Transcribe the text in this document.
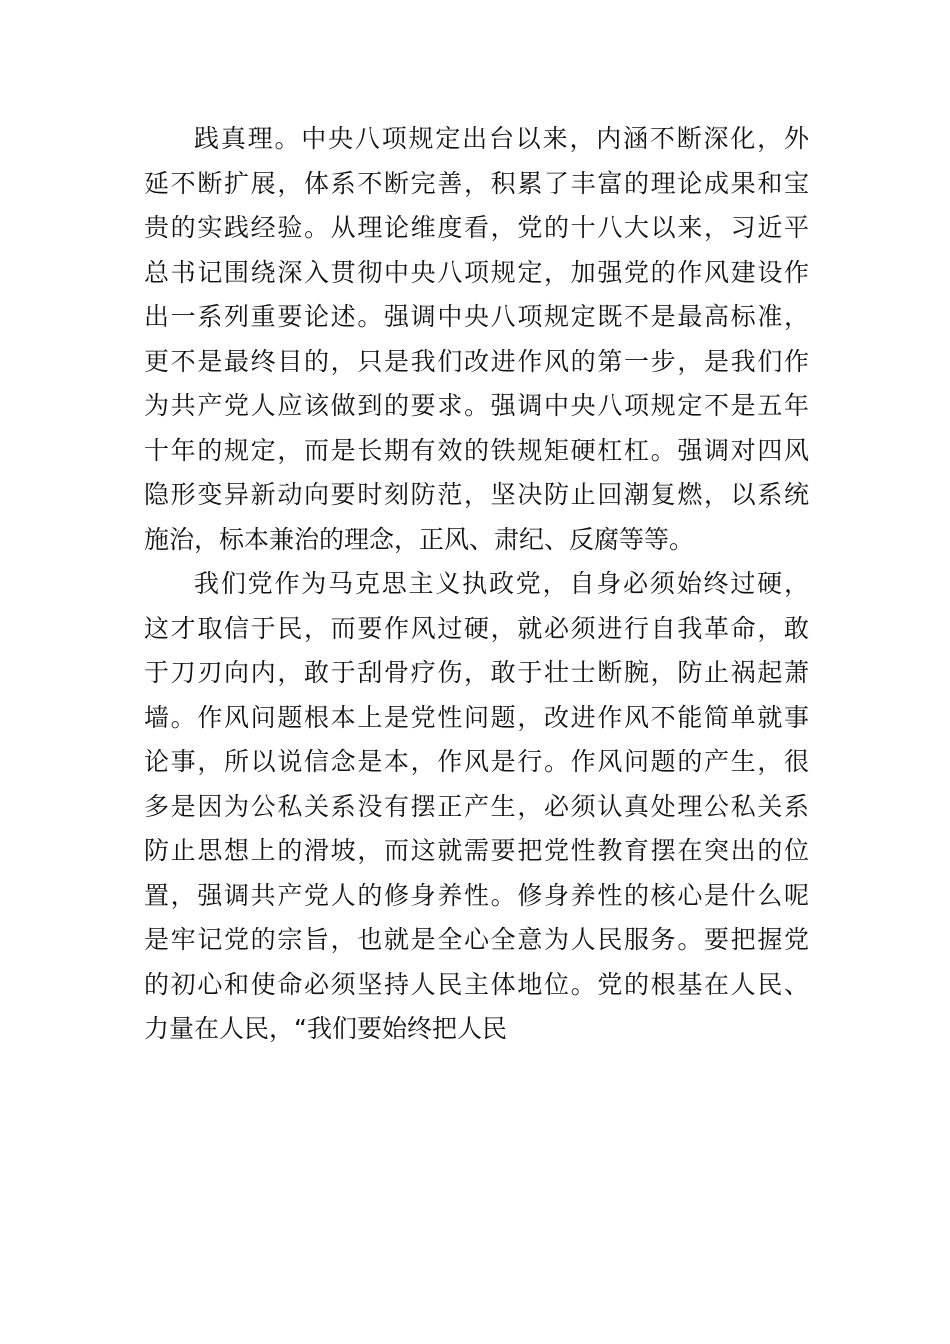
践真理。中央八项规定出台以来，内涵不断深化，外
延不断扩展，体系不断完善，积累了丰富的理论成果和宝
贵的实践经验。从理论维度看，党的十八大以来，习近平
总书记围绕深入贯彻中央八项规定，加强党的作风建设作
出一系列重要论述。强调中央八项规定既不是最高标准，
更不是最终目的，只是我们改进作风的第一步，是我们作
为共产党人应该做到的要求。强调中央八项规定不是五年
十年的规定，而是长期有效的铁规矩硬杠杠。强调对四风
隐形变异新动向要时刻防范，坚决防止回潮复燃，以系统
施治，标本兼治的理念，正风、肃纪、反腐等等。
我们党作为马克思主义执政党，自身必须始终过硬，
这才取信于民，而要作风过硬，就必须进行自我革命，敢
于刀刃向内，敢于刮骨疗伤，敢于壮士断腕，防止祸起萧
墙。作风问题根本上是党性问题，改进作风不能简单就事
论事，所以说信念是本，作风是行。作风问题的产生，很
多是因为公私关系没有摆正产生，必须认真处理公私关系
防止思想上的滑坡，而这就需要把党性教育摆在突出的位
置，强调共产党人的修身养性。修身养性的核心是什么呢
是牢记党的宗旨，也就是全心全意为人民服务。要把握党
的初心和使命必须坚持人民主体地位。党的根基在人民、
力量在人民，“我们要始终把人民
